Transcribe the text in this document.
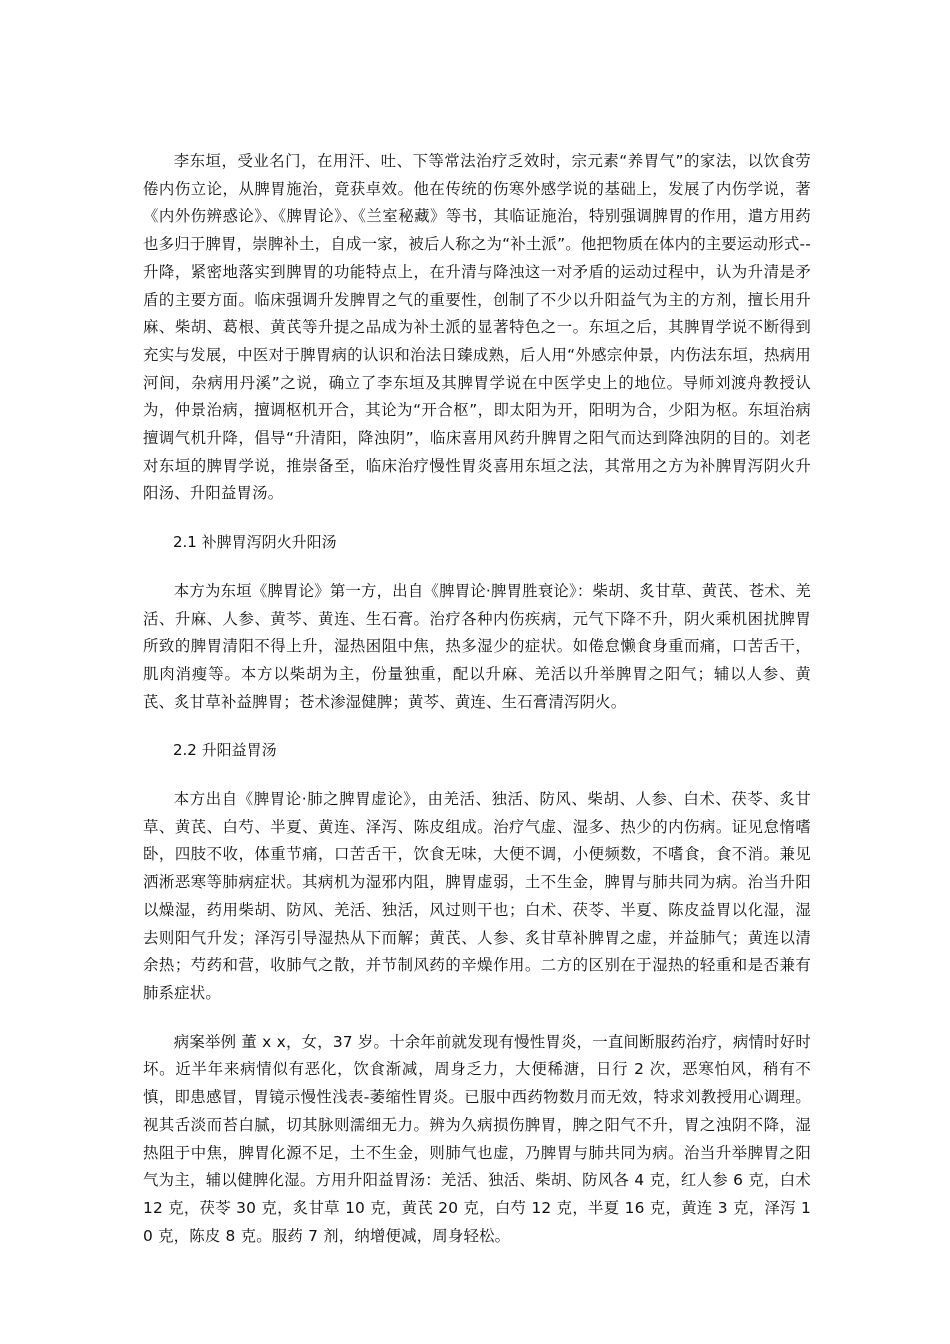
李东垣，受业名门，在用汗、吐、下等常法治疗乏效时，宗元素“养胃气”的家法，以饮食劳倦内伤立论，从脾胃施治，竟获卓效。他在传统的伤寒外感学说的基础上，发展了内伤学说，著《内外伤辨惑论》、《脾胃论》、《兰室秘藏》等书，其临证施治，特别强调脾胃的作用，遣方用药也多归于脾胃，崇脾补土，自成一家，被后人称之为“补土派”。他把物质在体内的主要运动形式--升降，紧密地落实到脾胃的功能特点上，在升清与降浊这一对矛盾的运动过程中，认为升清是矛盾的主要方面。临床强调升发脾胃之气的重要性，创制了不少以升阳益气为主的方剂，擅长用升麻、柴胡、葛根、黄芪等升提之品成为补土派的显著特色之一。东垣之后，其脾胃学说不断得到充实与发展，中医对于脾胃病的认识和治法日臻成熟，后人用“外感宗仲景，内伤法东垣，热病用河间，杂病用丹溪”之说，确立了李东垣及其脾胃学说在中医学史上的地位。导师刘渡舟教授认为，仲景治病，擅调枢机开合，其论为“开合枢”，即太阳为开，阳明为合，少阳为枢。东垣治病擅调气机升降，倡导“升清阳，降浊阴”，临床喜用风药升脾胃之阳气而达到降浊阴的目的。刘老对东垣的脾胃学说，推崇备至，临床治疗慢性胃炎喜用东垣之法，其常用之方为补脾胃泻阴火升阳汤、升阳益胃汤。

2.1 补脾胃泻阴火升阳汤

本方为东垣《脾胃论》第一方，出自《脾胃论·脾胃胜衰论》：柴胡、炙甘草、黄芪、苍术、羌活、升麻、人参、黄芩、黄连、生石膏。治疗各种内伤疾病，元气下降不升，阴火乘机困扰脾胃所致的脾胃清阳不得上升，湿热困阻中焦，热多湿少的症状。如倦怠懒食身重而痛，口苦舌干，肌肉消瘦等。本方以柴胡为主，份量独重，配以升麻、羌活以升举脾胃之阳气；辅以人参、黄芪、炙甘草补益脾胃；苍术渗湿健脾；黄芩、黄连、生石膏清泻阴火。

2.2 升阳益胃汤

本方出自《脾胃论·肺之脾胃虚论》，由羌活、独活、防风、柴胡、人参、白术、茯苓、炙甘草、黄芪、白芍、半夏、黄连、泽泻、陈皮组成。治疗气虚、湿多、热少的内伤病。证见怠惰嗜卧，四肢不收，体重节痛，口苦舌干，饮食无味，大便不调，小便频数，不嗜食，食不消。兼见洒淅恶寒等肺病症状。其病机为湿邪内阻，脾胃虚弱，土不生金，脾胃与肺共同为病。治当升阳以燥湿，药用柴胡、防风、羌活、独活，风过则干也；白术、茯苓、半夏、陈皮益胃以化湿，湿去则阳气升发；泽泻引导湿热从下而解；黄芪、人参、炙甘草补脾胃之虚，并益肺气；黄连以清余热；芍药和营，收肺气之散，并节制风药的辛燥作用。二方的区别在于湿热的轻重和是否兼有肺系症状。

病案举例 董 x x，女，37 岁。十余年前就发现有慢性胃炎，一直间断服药治疗，病情时好时坏。近半年来病情似有恶化，饮食渐减，周身乏力，大便稀溏，日行 2 次，恶寒怕风，稍有不慎，即患感冒，胃镜示慢性浅表-萎缩性胃炎。已服中西药物数月而无效，特求刘教授用心调理。视其舌淡而苔白腻，切其脉则濡细无力。辨为久病损伤脾胃，脾之阳气不升，胃之浊阴不降，湿热阻于中焦，脾胃化源不足，土不生金，则肺气也虚，乃脾胃与肺共同为病。治当升举脾胃之阳气为主，辅以健脾化湿。方用升阳益胃汤：羌活、独活、柴胡、防风各 4 克，红人参 6 克，白术 12 克，茯苓 30 克，炙甘草 10 克，黄芪 20 克，白芍 12 克，半夏 16 克，黄连 3 克，泽泻 10 克，陈皮 8 克。服药 7 剂，纳增便减，周身轻松。
